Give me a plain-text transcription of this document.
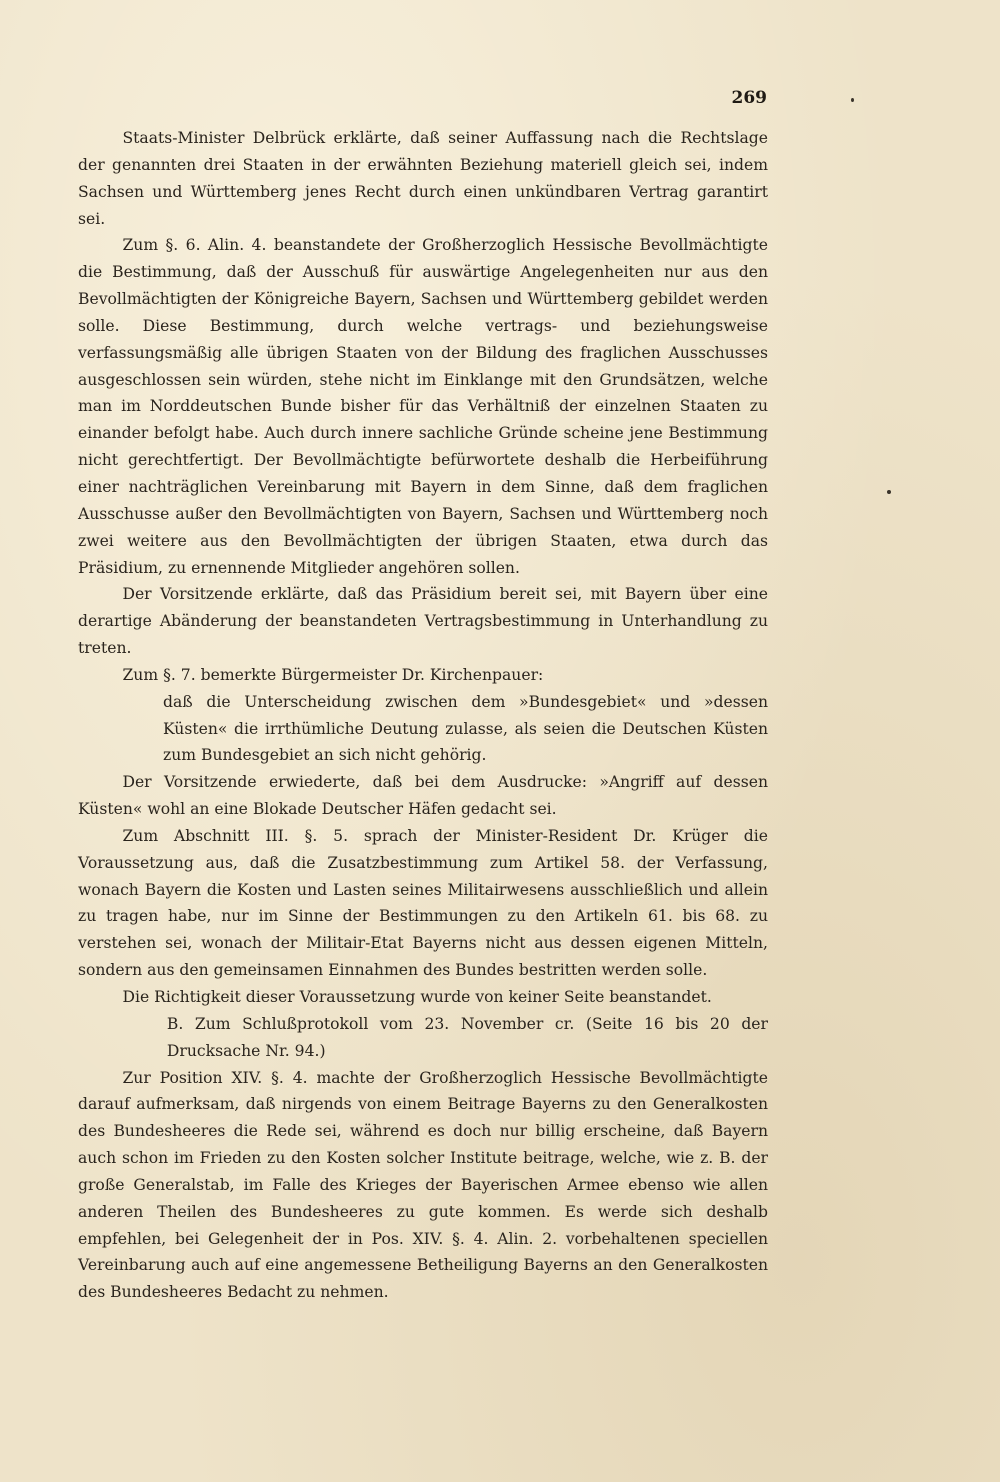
269

Staats-Minister Delbrück erklärte, daß seiner Auffassung nach die Rechtslage der genannten drei Staaten in der erwähnten Beziehung materiell gleich sei, indem Sachsen und Württemberg jenes Recht durch einen unkündbaren Vertrag garantirt sei.

Zum §. 6. Alin. 4. beanstandete der Großherzoglich Hessische Bevollmächtigte die Bestimmung, daß der Ausschuß für auswärtige Angelegenheiten nur aus den Bevollmächtigten der Königreiche Bayern, Sachsen und Württemberg gebildet werden solle. Diese Bestimmung, durch welche vertrags- und beziehungsweise verfassungsmäßig alle übrigen Staaten von der Bildung des fraglichen Ausschusses ausgeschlossen sein würden, stehe nicht im Einklange mit den Grundsätzen, welche man im Norddeutschen Bunde bisher für das Verhältniß der einzelnen Staaten zu einander befolgt habe. Auch durch innere sachliche Gründe scheine jene Bestimmung nicht gerechtfertigt. Der Bevollmächtigte befürwortete deshalb die Herbeiführung einer nachträglichen Vereinbarung mit Bayern in dem Sinne, daß dem fraglichen Ausschusse außer den Bevollmächtigten von Bayern, Sachsen und Württemberg noch zwei weitere aus den Bevollmächtigten der übrigen Staaten, etwa durch das Präsidium, zu ernennende Mitglieder angehören sollen.

Der Vorsitzende erklärte, daß das Präsidium bereit sei, mit Bayern über eine derartige Abänderung der beanstandeten Vertragsbestimmung in Unterhandlung zu treten.

Zum §. 7. bemerkte Bürgermeister Dr. Kirchenpauer:

daß die Unterscheidung zwischen dem »Bundesgebiet« und »dessen Küsten« die irrthümliche Deutung zulasse, als seien die Deutschen Küsten zum Bundesgebiet an sich nicht gehörig.

Der Vorsitzende erwiederte, daß bei dem Ausdrucke: »Angriff auf dessen Küsten« wohl an eine Blokade Deutscher Häfen gedacht sei.

Zum Abschnitt III. §. 5. sprach der Minister-Resident Dr. Krüger die Voraussetzung aus, daß die Zusatzbestimmung zum Artikel 58. der Verfassung, wonach Bayern die Kosten und Lasten seines Militairwesens ausschließlich und allein zu tragen habe, nur im Sinne der Bestimmungen zu den Artikeln 61. bis 68. zu verstehen sei, wonach der Militair-Etat Bayerns nicht aus dessen eigenen Mitteln, sondern aus den gemeinsamen Einnahmen des Bundes bestritten werden solle.

Die Richtigkeit dieser Voraussetzung wurde von keiner Seite beanstandet.

B. Zum Schlußprotokoll vom 23. November cr. (Seite 16 bis 20 der Drucksache Nr. 94.)

Zur Position XIV. §. 4. machte der Großherzoglich Hessische Bevollmächtigte darauf aufmerksam, daß nirgends von einem Beitrage Bayerns zu den Generalkosten des Bundesheeres die Rede sei, während es doch nur billig erscheine, daß Bayern auch schon im Frieden zu den Kosten solcher Institute beitrage, welche, wie z. B. der große Generalstab, im Falle des Krieges der Bayerischen Armee ebenso wie allen anderen Theilen des Bundesheeres zu gute kommen. Es werde sich deshalb empfehlen, bei Gelegenheit der in Pos. XIV. §. 4. Alin. 2. vorbehaltenen speciellen Vereinbarung auch auf eine angemessene Betheiligung Bayerns an den Generalkosten des Bundesheeres Bedacht zu nehmen.
